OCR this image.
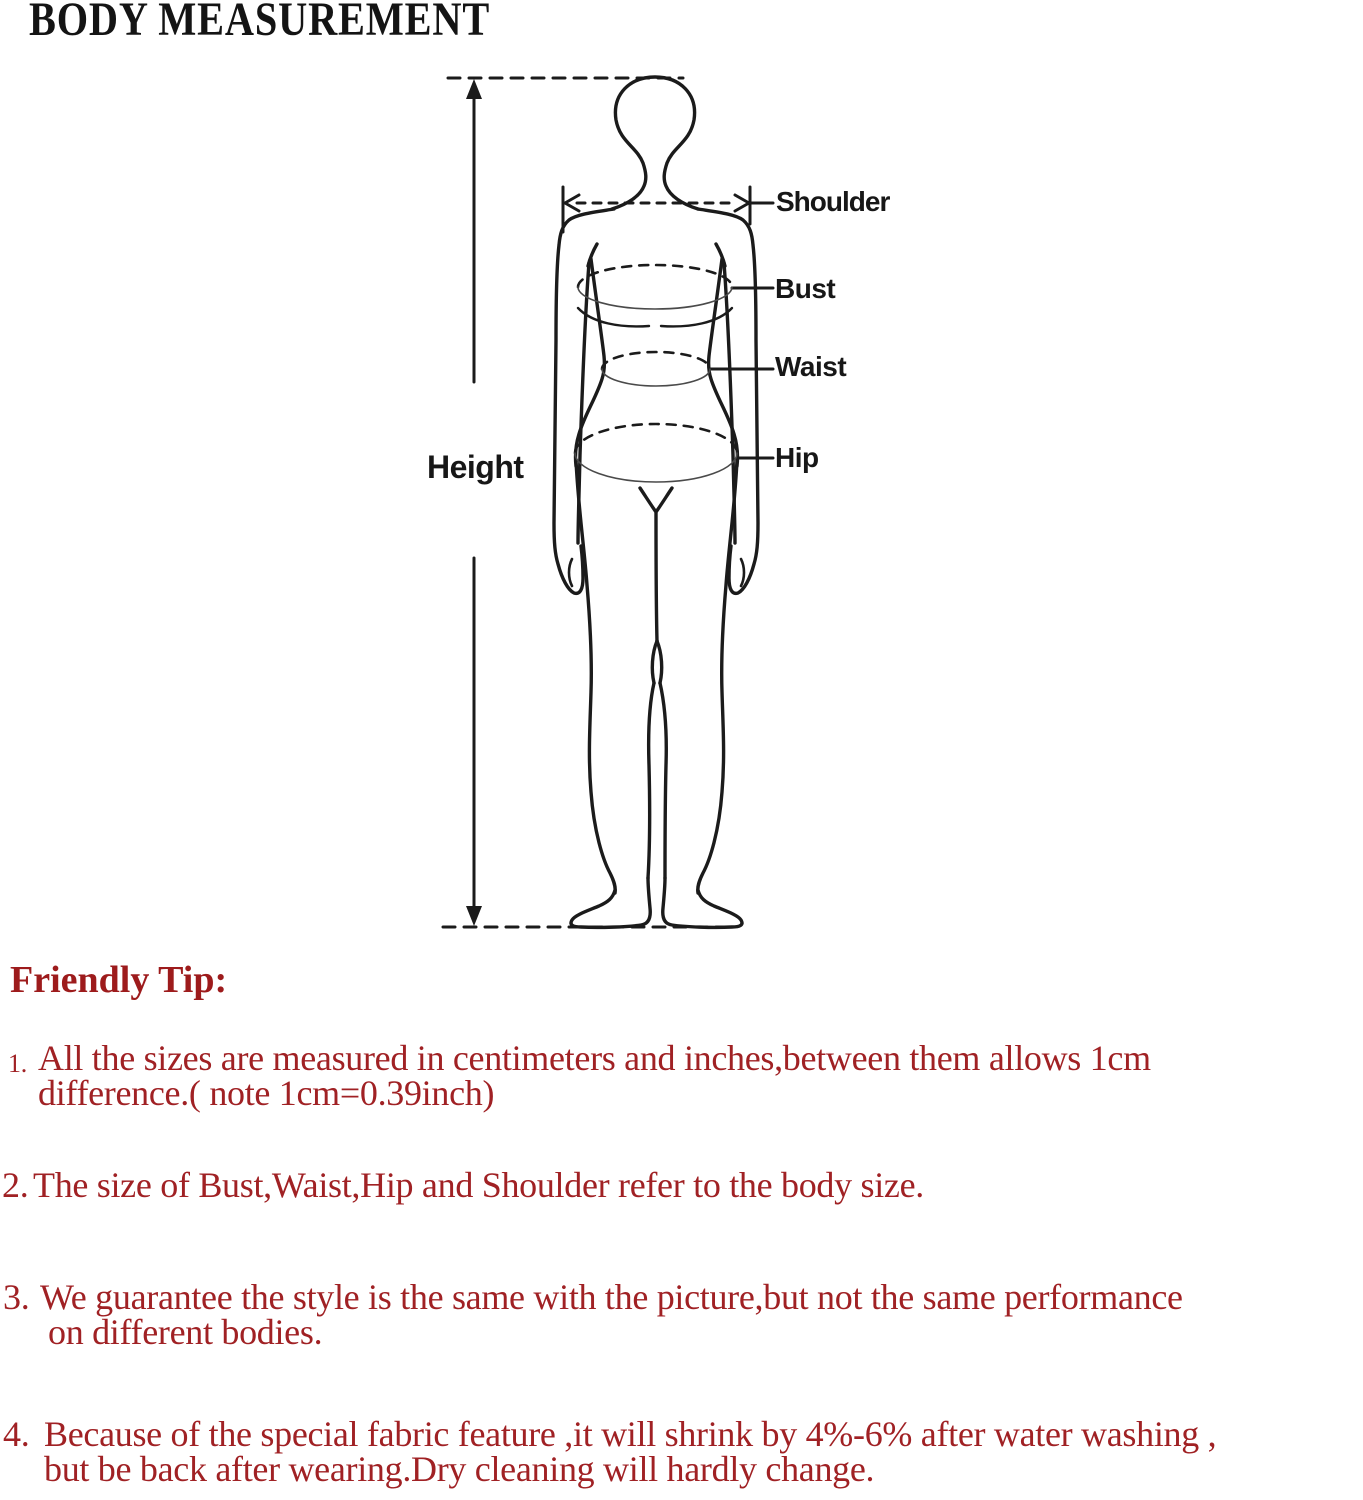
BODY MEASUREMENT
Height
Shoulder
Bust
Waist
Hip
Friendly Tip:
1. All the sizes are measured in centimeters and inches,between them allows 1cm
difference.( note 1cm=0.39inch)
2. The size of Bust,Waist,Hip and Shoulder refer to the body size.
3. We guarantee the style is the same with the picture,but not the same performance
on different bodies.
4. Because of the special fabric feature ,it will shrink by 4%-6% after water washing ,
but be back after wearing.Dry cleaning will hardly change.
